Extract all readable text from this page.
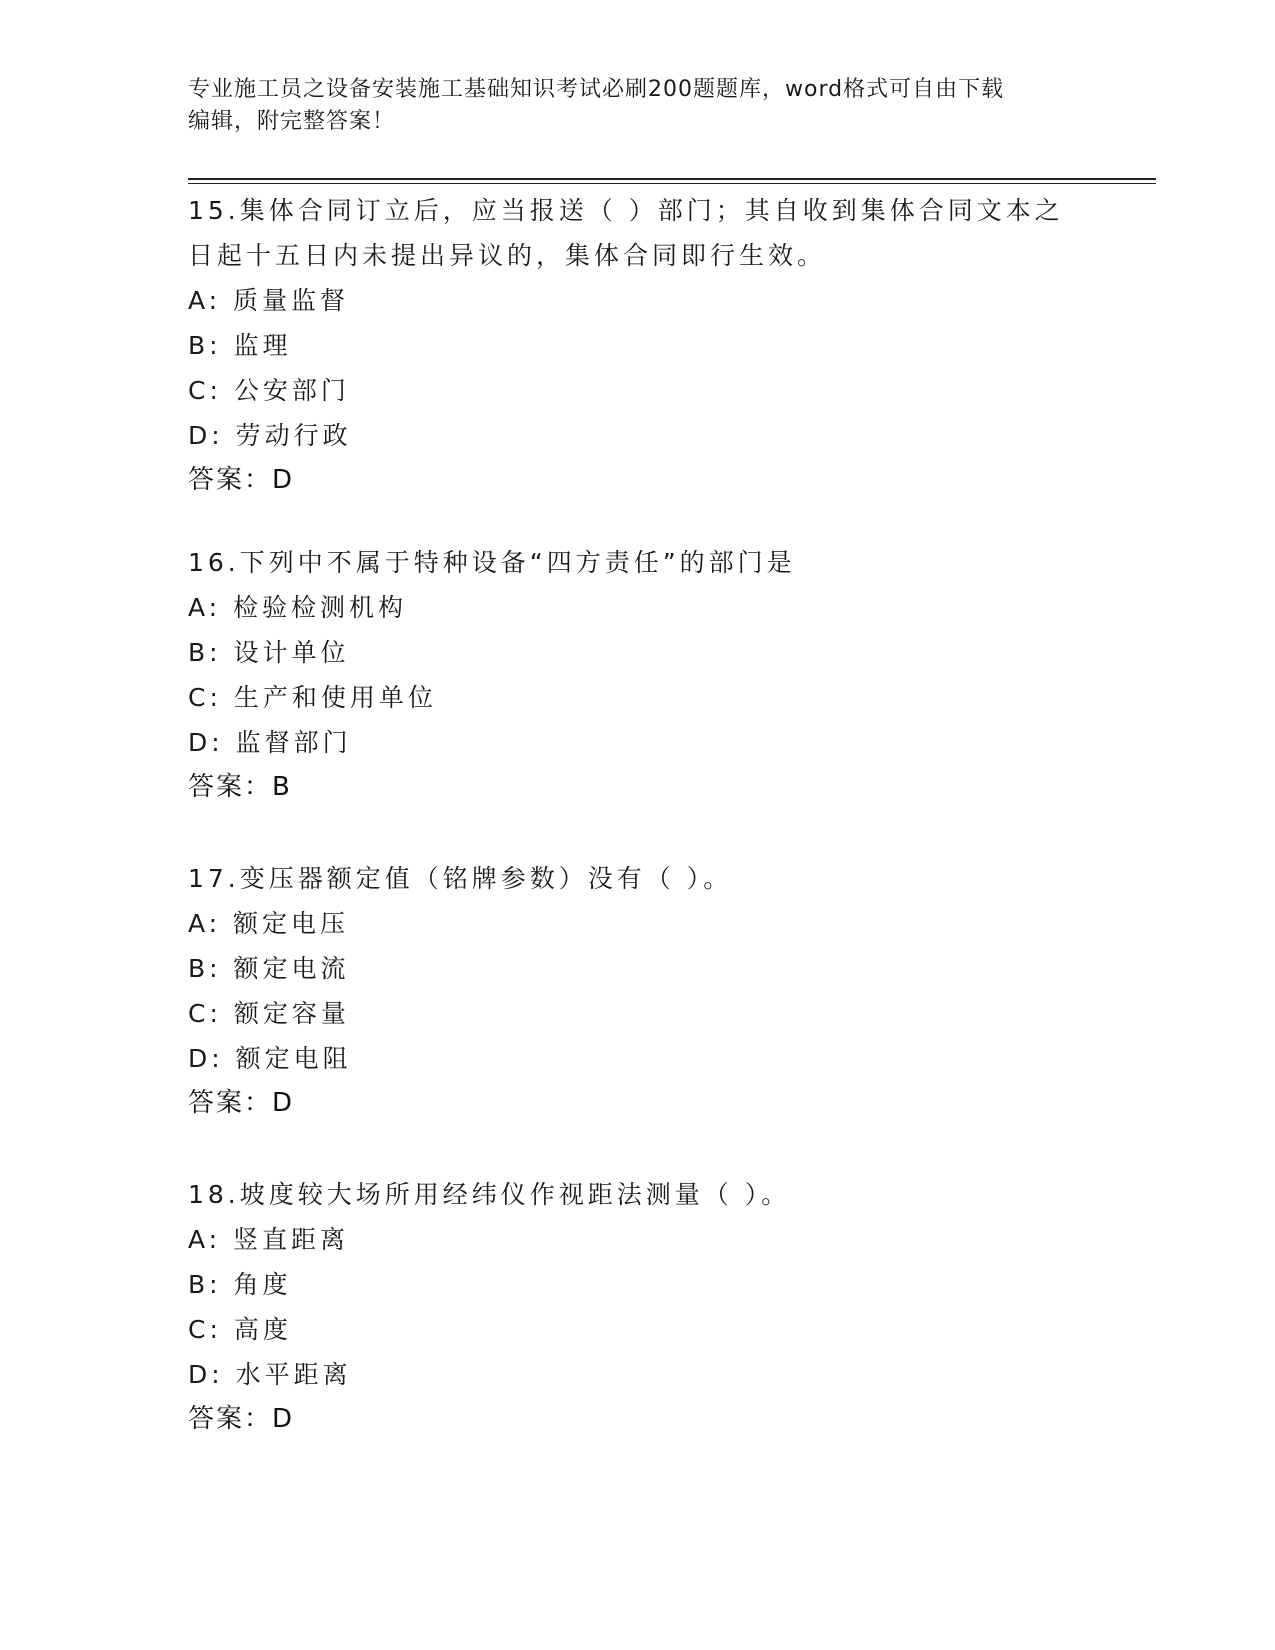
专业施工员之设备安装施工基础知识考试必刷200题题库，word格式可自由下载
编辑，附完整答案！
15.集体合同订立后，应当报送（ ）部门；其自收到集体合同文本之
日起十五日内未提出异议的，集体合同即行生效。
A: 质量监督
B: 监理
C: 公安部门
D: 劳动行政
答案：D
16.下列中不属于特种设备“四方责任”的部门是
A: 检验检测机构
B: 设计单位
C: 生产和使用单位
D: 监督部门
答案：B
17.变压器额定值（铭牌参数）没有（ ）。
A: 额定电压
B: 额定电流
C: 额定容量
D: 额定电阻
答案：D
18.坡度较大场所用经纬仪作视距法测量（ ）。
A: 竖直距离
B: 角度
C: 高度
D: 水平距离
答案：D
